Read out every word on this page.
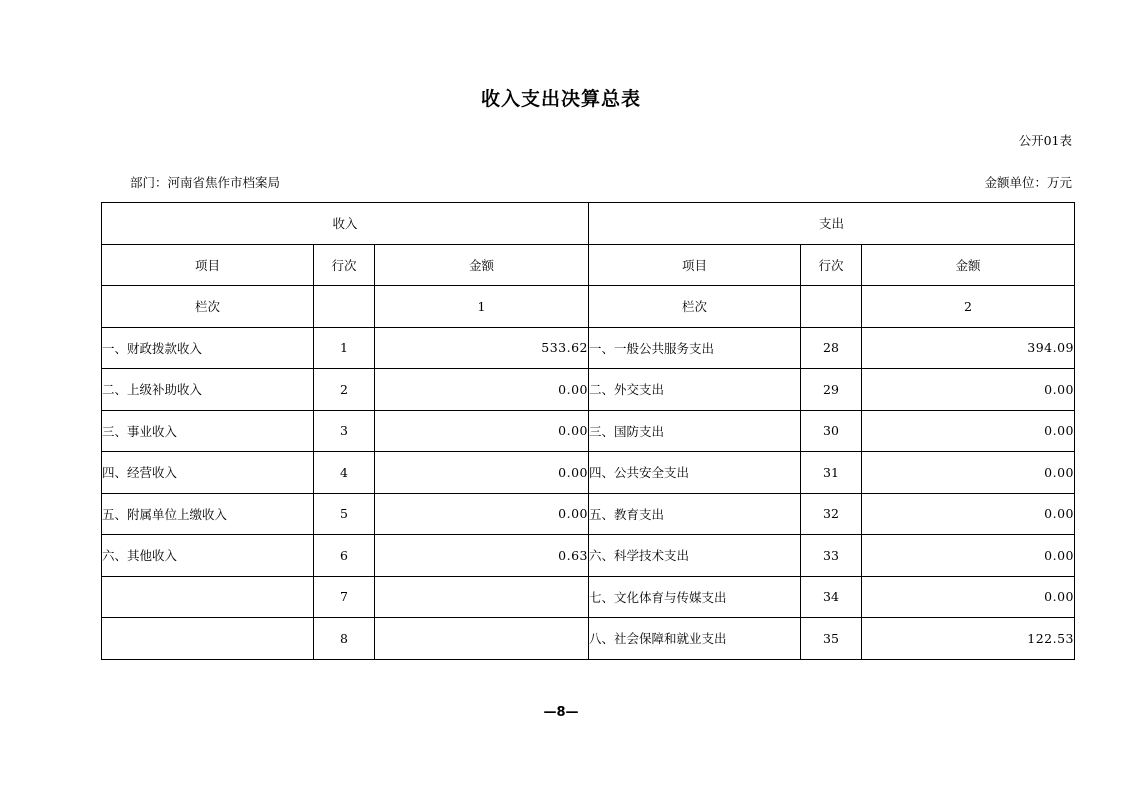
收入支出决算总表
公开01表
部门：河南省焦作市档案局	金额单位：万元
收入			支出		
项目	行次	金额	项目	行次	金额
栏次		1	栏次		2
一、财政拨款收入	1	533.62	一、一般公共服务支出	28	394.09
二、上级补助收入	2	0.00	二、外交支出	29	0.00
三、事业收入	3	0.00	三、国防支出	30	0.00
四、经营收入	4	0.00	四、公共安全支出	31	0.00
五、附属单位上缴收入	5	0.00	五、教育支出	32	0.00
六、其他收入	6	0.63	六、科学技术支出	33	0.00
	7		七、文化体育与传媒支出	34	0.00
	8		八、社会保障和就业支出	35	122.53
—8—
